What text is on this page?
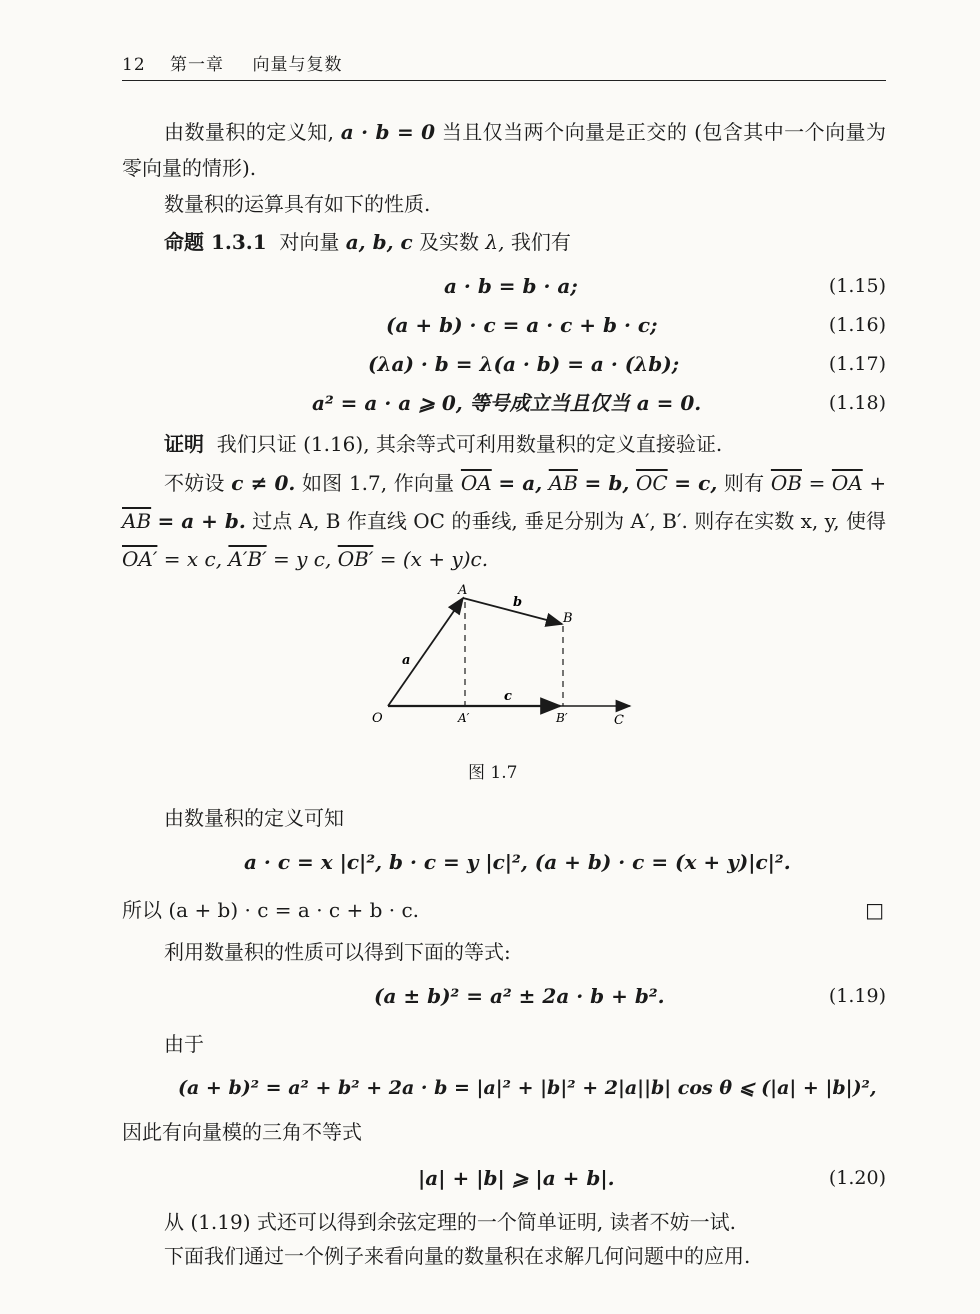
12 第一章 向量与复数
由数量积的定义知, a · b = 0 当且仅当两个向量是正交的 (包含其中一个向量为零向量的情形).
数量积的运算具有如下的性质.
命题 1.3.1 对向量 a, b, c 及实数 λ, 我们有
a · b = b · a;	(1.15)
(a + b) · c = a · c + b · c;	(1.16)
(λa) · b = λ(a · b) = a · (λb);	(1.17)
a² = a · a ⩾ 0, 等号成立当且仅当 a = 0.	(1.18)
证明 我们只证 (1.16), 其余等式可利用数量积的定义直接验证.
不妨设 c ≠ 0. 如图 1.7, 作向量 $\overline{OA} = a$, $\overline{AB} = b$, $\overline{OC} = c$, 则有 $\overline{OB} = \overline{OA} + \overline{AB} = a + b$. 过点 A, B 作直线 OC 的垂线, 垂足分别为 A′, B′. 则存在实数 x, y, 使得 OA′ = x c, A′B′ = y c, OB′ = (x + y)c.
O
A
B
A′	B′	C
a
b
c
图 1.7
由数量积的定义可知
a · c = x |c|², b · c = y |c|², (a + b) · c = (x + y)|c|².
所以 (a + b) · c = a · c + b · c.	□
利用数量积的性质可以得到下面的等式:
(a ± b)² = a² ± 2a · b + b².	(1.19)
由于
(a + b)² = a² + b² + 2a · b = |a|² + |b|² + 2|a||b| cos θ ⩽ (|a| + |b|)²,
因此有向量模的三角不等式
|a| + |b| ⩾ |a + b|.	(1.20)
从 (1.19) 式还可以得到余弦定理的一个简单证明, 读者不妨一试.
下面我们通过一个例子来看向量的数量积在求解几何问题中的应用.
